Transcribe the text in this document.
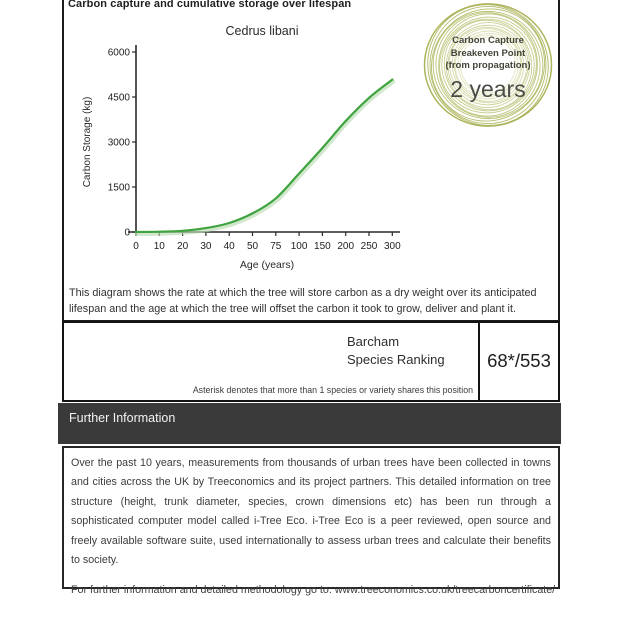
Carbon capture and cumulative storage over lifespan
Cedrus libani
Carbon Storage (kg)
Age (years)
0
1500
3000
4500
6000
0 10 20 30 40 50 75 100 150 200 250 300
Carbon Capture
Breakeven Point
(from propagation)
2 years
This diagram shows the rate at which the tree will store carbon as a dry weight over its anticipated lifespan and the age at which the tree will offset the carbon it took to grow, deliver and plant it.
Barcham
Species Ranking	68*/553
Asterisk denotes that more than 1 species or variety shares this position
Further Information

Over the past 10 years, measurements from thousands of urban trees have been collected in towns and cities across the UK by Treeconomics and its project partners. This detailed information on tree structure (height, trunk diameter, species, crown dimensions etc) has been run through a sophisticated computer model called i-Tree Eco. i-Tree Eco is a peer reviewed, open source and freely available software suite, used internationally to assess urban trees and calculate their benefits to society.

For further information and detailed methodology go to: www.treeconomics.co.uk/treecarboncertificate/
